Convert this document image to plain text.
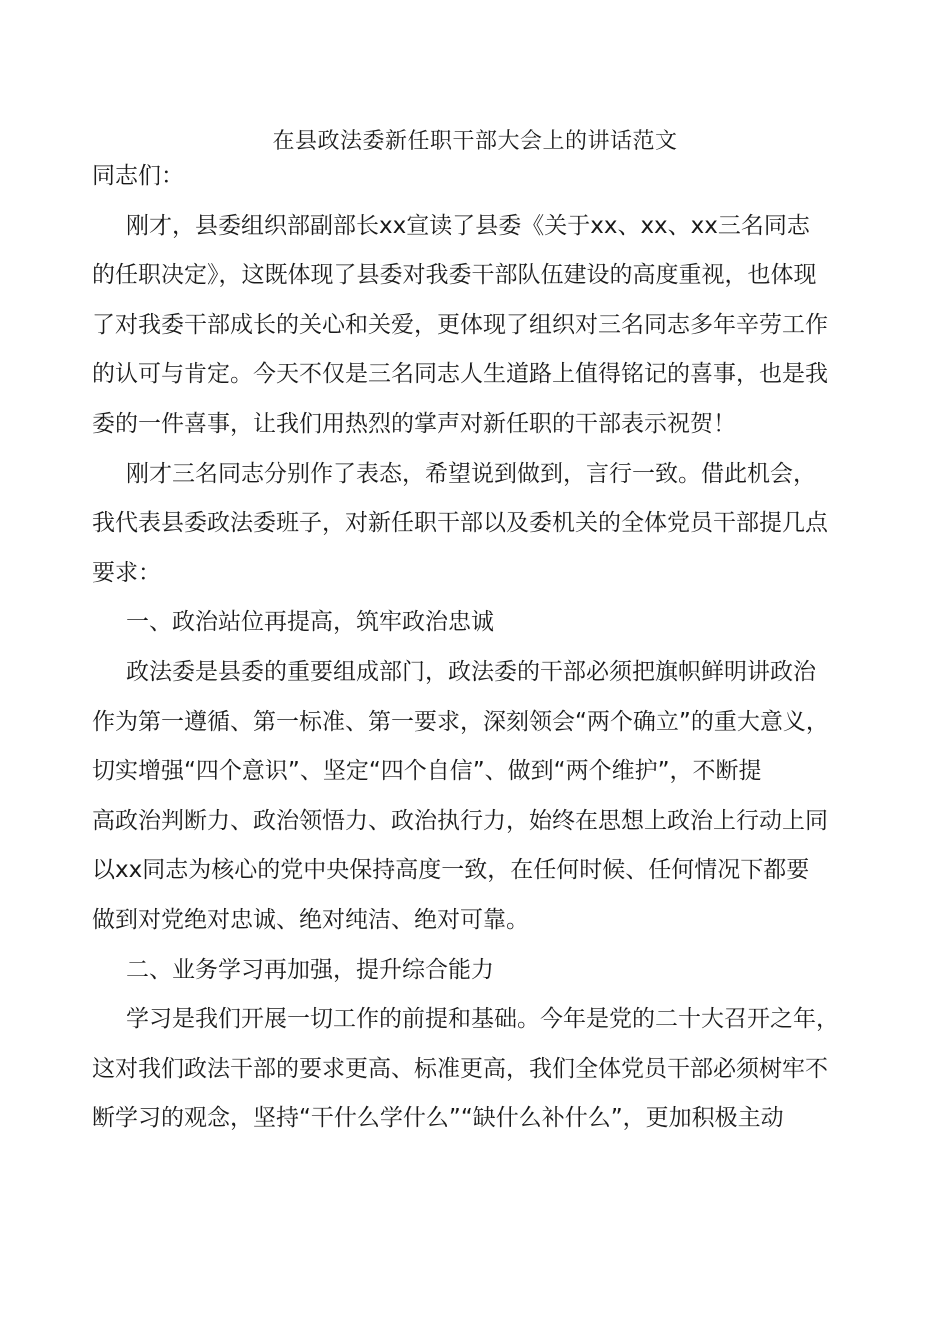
在县政法委新任职干部大会上的讲话范文
同志们：
刚才，县委组织部副部长xx宣读了县委《关于xx、xx、xx三名同志
的任职决定》，这既体现了县委对我委干部队伍建设的高度重视，也体现
了对我委干部成长的关心和关爱，更体现了组织对三名同志多年辛劳工作
的认可与肯定。今天不仅是三名同志人生道路上值得铭记的喜事，也是我
委的一件喜事，让我们用热烈的掌声对新任职的干部表示祝贺！
刚才三名同志分别作了表态，希望说到做到，言行一致。借此机会，
我代表县委政法委班子，对新任职干部以及委机关的全体党员干部提几点
要求：
一、政治站位再提高，筑牢政治忠诚
政法委是县委的重要组成部门，政法委的干部必须把旗帜鲜明讲政治
作为第一遵循、第一标准、第一要求，深刻领会“两个确立”的重大意义，
切实增强“四个意识”、坚定“四个自信”、做到“两个维护”，不断提
高政治判断力、政治领悟力、政治执行力，始终在思想上政治上行动上同
以xx同志为核心的党中央保持高度一致，在任何时候、任何情况下都要
做到对党绝对忠诚、绝对纯洁、绝对可靠。
二、业务学习再加强，提升综合能力
学习是我们开展一切工作的前提和基础。今年是党的二十大召开之年，
这对我们政法干部的要求更高、标准更高，我们全体党员干部必须树牢不
断学习的观念，坚持“干什么学什么”“缺什么补什么”，更加积极主动
